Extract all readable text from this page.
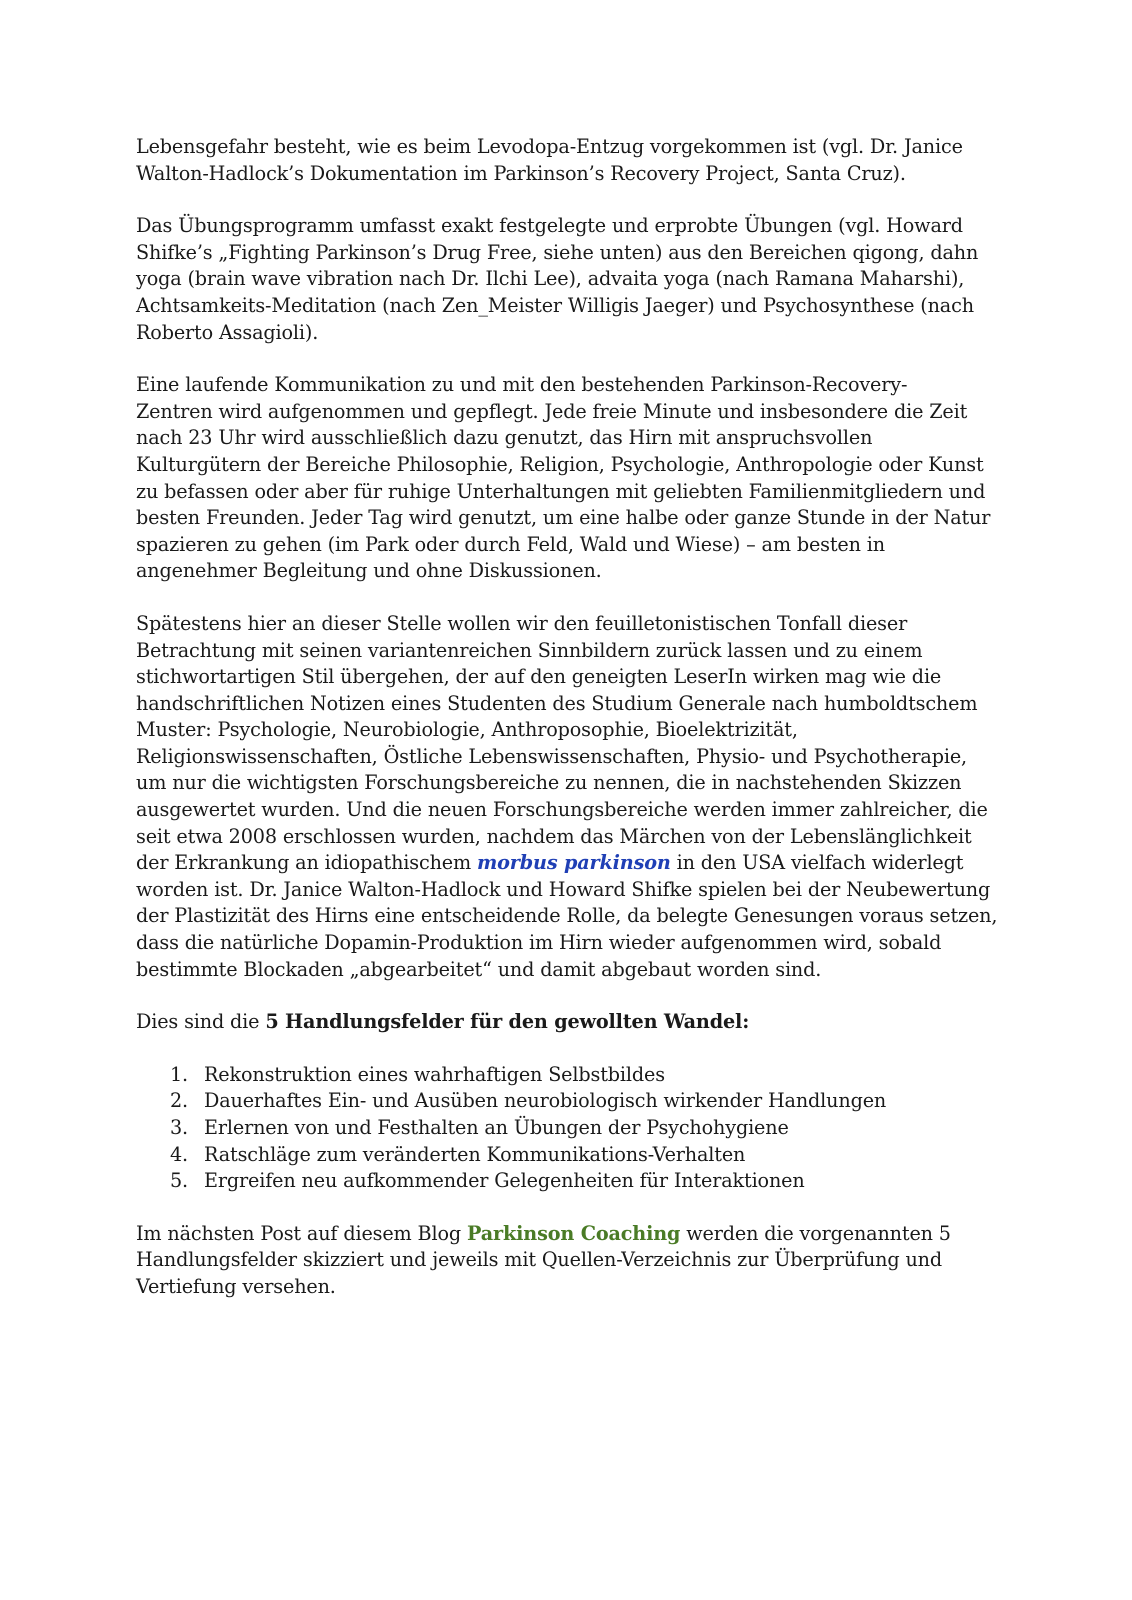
Lebensgefahr besteht, wie es beim Levodopa-Entzug vorgekommen ist (vgl. Dr. Janice
Walton-Hadlock’s Dokumentation im Parkinson’s Recovery Project, Santa Cruz).

Das Übungsprogramm umfasst exakt festgelegte und erprobte Übungen (vgl. Howard
Shifke’s „Fighting Parkinson’s Drug Free, siehe unten) aus den Bereichen qigong, dahn
yoga (brain wave vibration nach Dr. Ilchi Lee), advaita yoga (nach Ramana Maharshi),
Achtsamkeits-Meditation (nach Zen_Meister Willigis Jaeger) und Psychosynthese (nach
Roberto Assagioli).

Eine laufende Kommunikation zu und mit den bestehenden Parkinson-Recovery-
Zentren wird aufgenommen und gepflegt. Jede freie Minute und insbesondere die Zeit
nach 23 Uhr wird ausschließlich dazu genutzt, das Hirn mit anspruchsvollen
Kulturgütern der Bereiche Philosophie, Religion, Psychologie, Anthropologie oder Kunst
zu befassen oder aber für ruhige Unterhaltungen mit geliebten Familienmitgliedern und
besten Freunden. Jeder Tag wird genutzt, um eine halbe oder ganze Stunde in der Natur
spazieren zu gehen (im Park oder durch Feld, Wald und Wiese) – am besten in
angenehmer Begleitung und ohne Diskussionen.

Spätestens hier an dieser Stelle wollen wir den feuilletonistischen Tonfall dieser
Betrachtung mit seinen variantenreichen Sinnbildern zurück lassen und zu einem
stichwortartigen Stil übergehen, der auf den geneigten LeserIn wirken mag wie die
handschriftlichen Notizen eines Studenten des Studium Generale nach humboldtschem
Muster: Psychologie, Neurobiologie, Anthroposophie, Bioelektrizität,
Religionswissenschaften, Östliche Lebenswissenschaften, Physio- und Psychotherapie,
um nur die wichtigsten Forschungsbereiche zu nennen, die in nachstehenden Skizzen
ausgewertet wurden. Und die neuen Forschungsbereiche werden immer zahlreicher, die
seit etwa 2008 erschlossen wurden, nachdem das Märchen von der Lebenslänglichkeit
der Erkrankung an idiopathischem morbus parkinson in den USA vielfach widerlegt
worden ist. Dr. Janice Walton-Hadlock und Howard Shifke spielen bei der Neubewertung
der Plastizität des Hirns eine entscheidende Rolle, da belegte Genesungen voraus setzen,
dass die natürliche Dopamin-Produktion im Hirn wieder aufgenommen wird, sobald
bestimmte Blockaden „abgearbeitet“ und damit abgebaut worden sind.

Dies sind die 5 Handlungsfelder für den gewollten Wandel:

1. Rekonstruktion eines wahrhaftigen Selbstbildes
2. Dauerhaftes Ein- und Ausüben neurobiologisch wirkender Handlungen
3. Erlernen von und Festhalten an Übungen der Psychohygiene
4. Ratschläge zum veränderten Kommunikations-Verhalten
5. Ergreifen neu aufkommender Gelegenheiten für Interaktionen

Im nächsten Post auf diesem Blog Parkinson Coaching werden die vorgenannten 5
Handlungsfelder skizziert und jeweils mit Quellen-Verzeichnis zur Überprüfung und
Vertiefung versehen.
